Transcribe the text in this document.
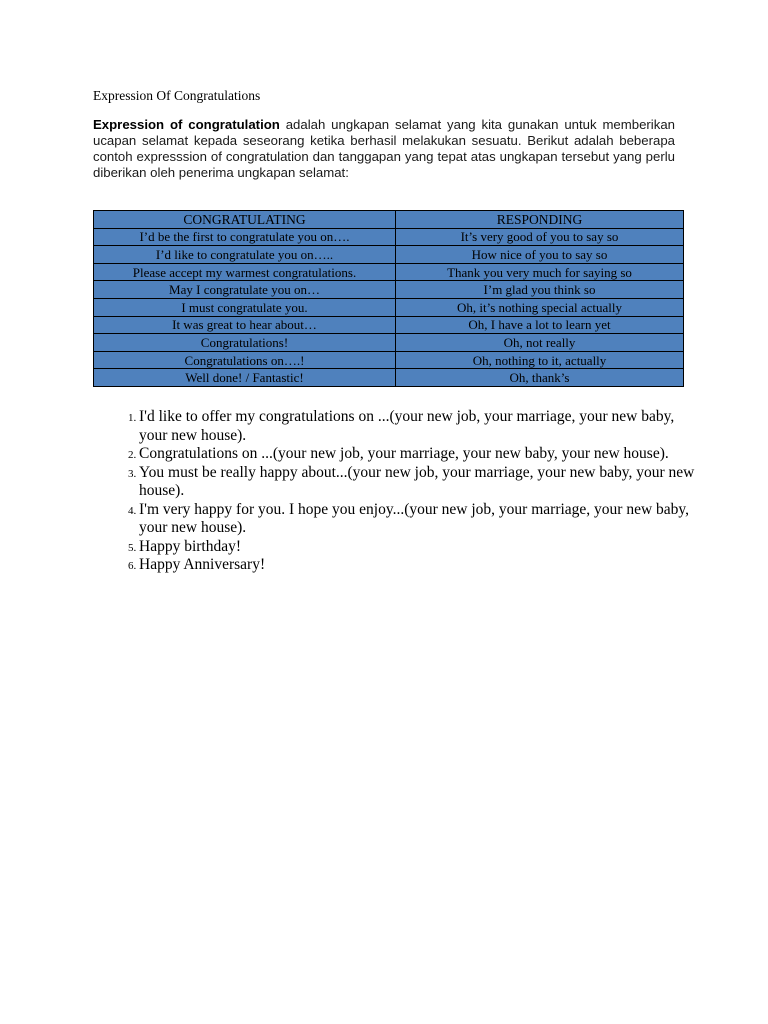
Expression Of Congratulations

Expression of congratulation adalah ungkapan selamat yang kita gunakan untuk memberikan ucapan selamat kepada seseorang ketika berhasil melakukan sesuatu. Berikut adalah beberapa contoh expresssion of congratulation dan tanggapan yang tepat atas ungkapan tersebut yang perlu diberikan oleh penerima ungkapan selamat:

CONGRATULATING	RESPONDING
I’d be the first to congratulate you on….	It’s very good of you to say so
I’d like to congratulate you on…..	How nice of you to say so
Please accept my warmest congratulations.	Thank you very much for saying so
May I congratulate you on…	I’m glad you think so
I must congratulate you.	Oh, it’s nothing special actually
It was great to hear about…	Oh, I have a lot to learn yet
Congratulations!	Oh, not really
Congratulations on….!	Oh, nothing to it, actually
Well done! / Fantastic!	Oh, thank’s
1. I'd like to offer my congratulations on ...(your new job, your marriage, your new baby, your new house).
2. Congratulations on ...(your new job, your marriage, your new baby, your new house).
3. You must be really happy about...(your new job, your marriage, your new baby, your new house).
4. I'm very happy for you. I hope you enjoy...(your new job, your marriage, your new baby, your new house).
5. Happy birthday!
6. Happy Anniversary!
